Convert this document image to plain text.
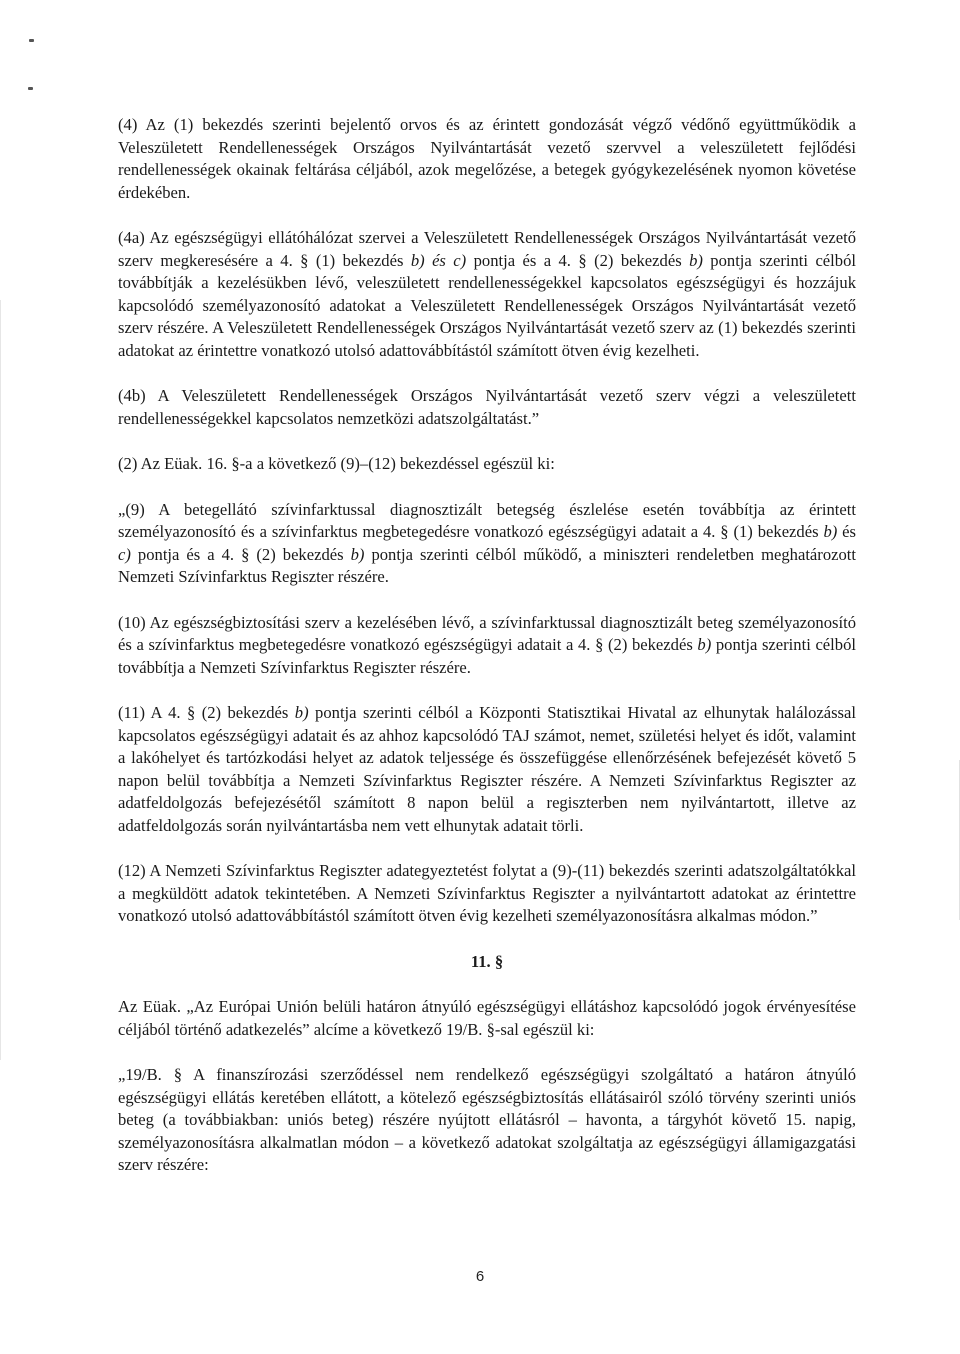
(4) Az (1) bekezdés szerinti bejelentő orvos és az érintett gondozását végző védőnő együttműködik a Veleszületett Rendellenességek Országos Nyilvántartását vezető szervvel a veleszületett fejlődési rendellenességek okainak feltárása céljából, azok megelőzése, a betegek gyógykezelésének nyomon követése érdekében.

(4a) Az egészségügyi ellátóhálózat szervei a Veleszületett Rendellenességek Országos Nyilvántartását vezető szerv megkeresésére a 4. § (1) bekezdés b) és c) pontja és a 4. § (2) bekezdés b) pontja szerinti célból továbbítják a kezelésükben lévő, veleszületett rendellenességekkel kapcsolatos egészségügyi és hozzájuk kapcsolódó személyazonosító adatokat a Veleszületett Rendellenességek Országos Nyilvántartását vezető szerv részére. A Veleszületett Rendellenességek Országos Nyilvántartását vezető szerv az (1) bekezdés szerinti adatokat az érintettre vonatkozó utolsó adattovábbítástól számított ötven évig kezelheti.

(4b) A Veleszületett Rendellenességek Országos Nyilvántartását vezető szerv végzi a veleszületett rendellenességekkel kapcsolatos nemzetközi adatszolgáltatást.”

(2) Az Eüak. 16. §-a a következő (9)–(12) bekezdéssel egészül ki:

„(9) A betegellátó szívinfarktussal diagnosztizált betegség észlelése esetén továbbítja az érintett személyazonosító és a szívinfarktus megbetegedésre vonatkozó egészségügyi adatait a 4. § (1) bekezdés b) és c) pontja és a 4. § (2) bekezdés b) pontja szerinti célból működő, a miniszteri rendeletben meghatározott Nemzeti Szívinfarktus Regiszter részére.

(10) Az egészségbiztosítási szerv a kezelésében lévő, a szívinfarktussal diagnosztizált beteg személyazonosító és a szívinfarktus megbetegedésre vonatkozó egészségügyi adatait a 4. § (2) bekezdés b) pontja szerinti célból továbbítja a Nemzeti Szívinfarktus Regiszter részére.

(11) A 4. § (2) bekezdés b) pontja szerinti célból a Központi Statisztikai Hivatal az elhunytak halálozással kapcsolatos egészségügyi adatait és az ahhoz kapcsolódó TAJ számot, nemet, születési helyet és időt, valamint a lakóhelyet és tartózkodási helyet az adatok teljessége és összefüggése ellenőrzésének befejezését követő 5 napon belül továbbítja a Nemzeti Szívinfarktus Regiszter részére. A Nemzeti Szívinfarktus Regiszter az adatfeldolgozás befejezésétől számított 8 napon belül a regiszterben nem nyilvántartott, illetve az adatfeldolgozás során nyilvántartásba nem vett elhunytak adatait törli.

(12) A Nemzeti Szívinfarktus Regiszter adategyeztetést folytat a (9)-(11) bekezdés szerinti adatszolgáltatókkal a megküldött adatok tekintetében. A Nemzeti Szívinfarktus Regiszter a nyilvántartott adatokat az érintettre vonatkozó utolsó adattovábbítástól számított ötven évig kezelheti személyazonosításra alkalmas módon.”

11. §

Az Eüak. „Az Európai Unión belüli határon átnyúló egészségügyi ellátáshoz kapcsolódó jogok érvényesítése céljából történő adatkezelés” alcíme a következő 19/B. §-sal egészül ki:

„19/B. § A finanszírozási szerződéssel nem rendelkező egészségügyi szolgáltató a határon átnyúló egészségügyi ellátás keretében ellátott, a kötelező egészségbiztosítás ellátásairól szóló törvény szerinti uniós beteg (a továbbiakban: uniós beteg) részére nyújtott ellátásról – havonta, a tárgyhót követő 15. napig, személyazonosításra alkalmatlan módon – a következő adatokat szolgáltatja az egészségügyi államigazgatási szerv részére:

6
